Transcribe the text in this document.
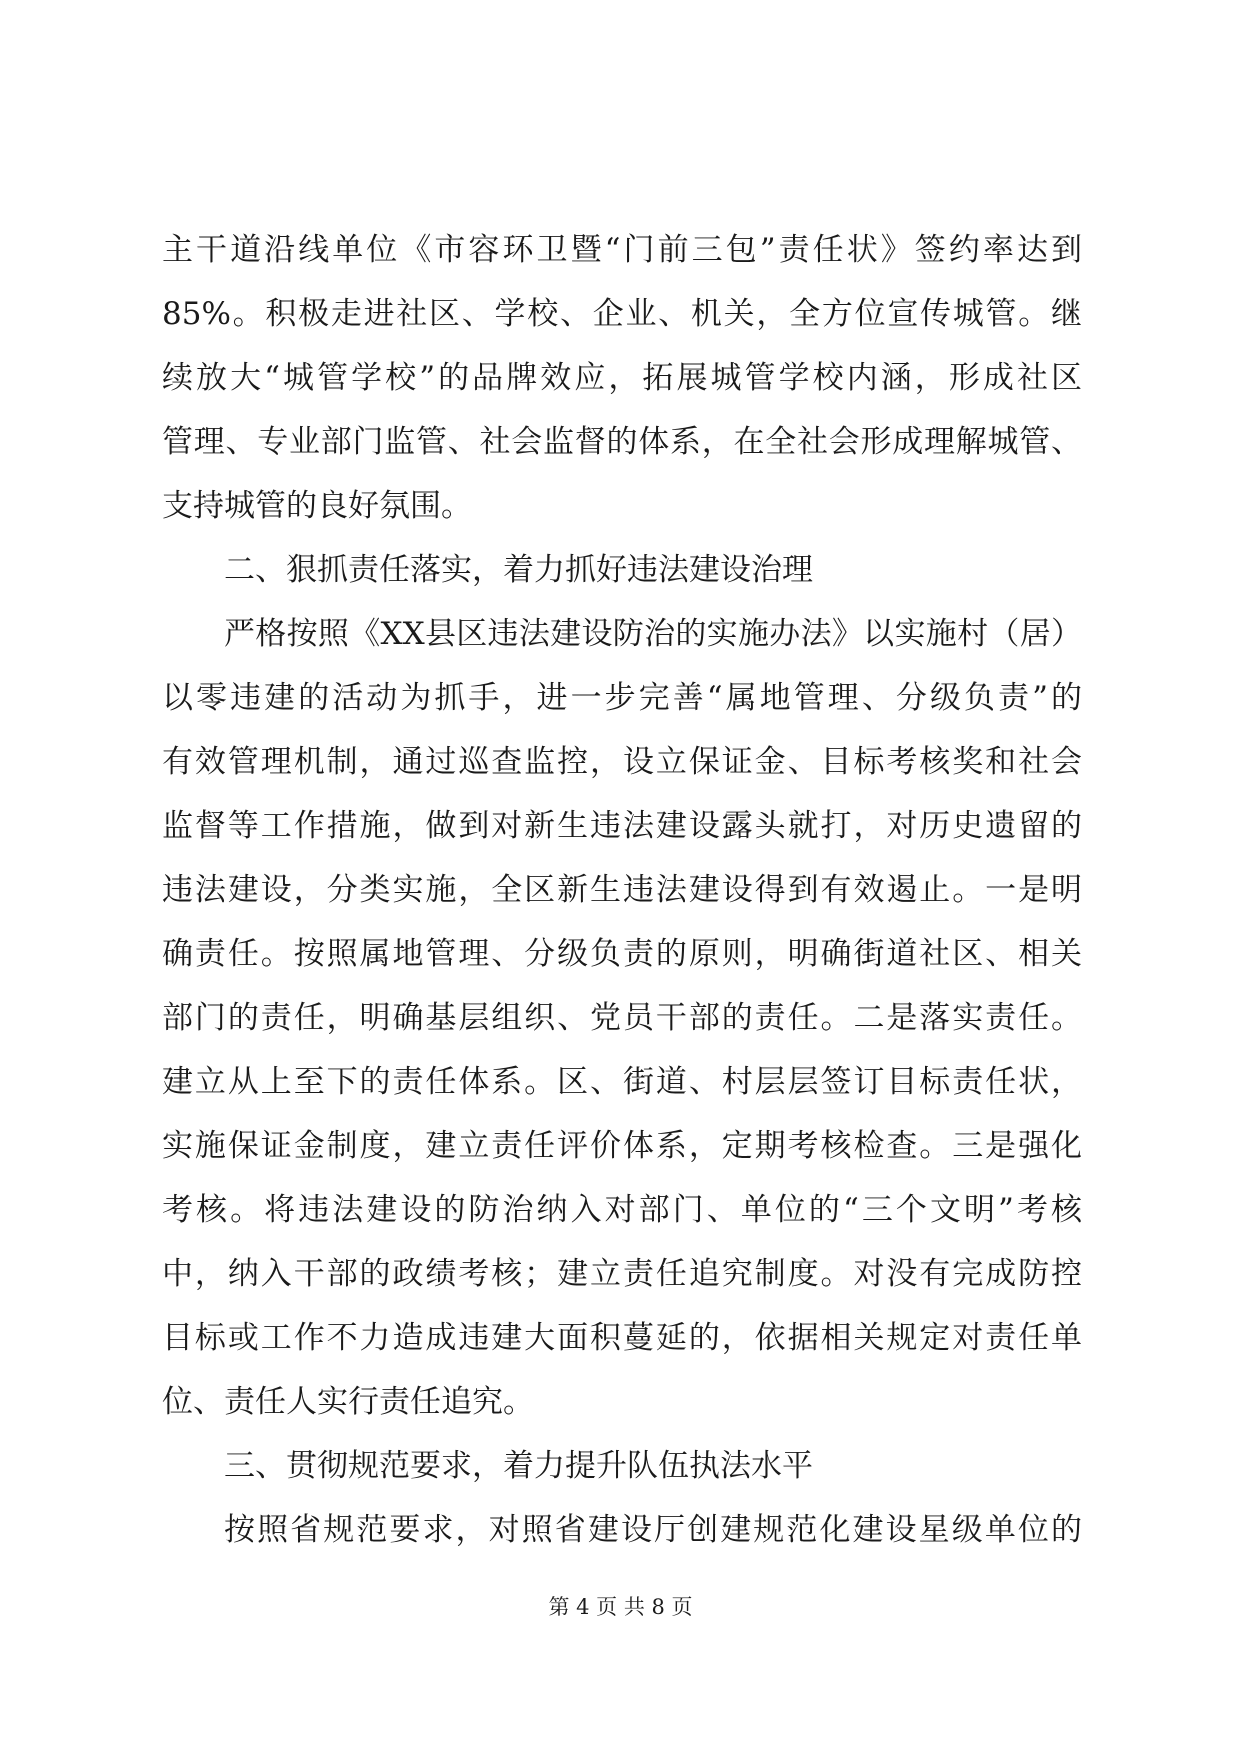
主干道沿线单位《市容环卫暨“门前三包”责任状》签约率达到
85%。积极走进社区、学校、企业、机关，全方位宣传城管。继
续放大“城管学校”的品牌效应，拓展城管学校内涵，形成社区
管理、专业部门监管、社会监督的体系，在全社会形成理解城管、
支持城管的良好氛围。
二、狠抓责任落实，着力抓好违法建设治理
严格按照《XX县区违法建设防治的实施办法》以实施村（居）
以零违建的活动为抓手，进一步完善“属地管理、分级负责”的
有效管理机制，通过巡查监控，设立保证金、目标考核奖和社会
监督等工作措施，做到对新生违法建设露头就打，对历史遗留的
违法建设，分类实施，全区新生违法建设得到有效遏止。一是明
确责任。按照属地管理、分级负责的原则，明确街道社区、相关
部门的责任，明确基层组织、党员干部的责任。二是落实责任。
建立从上至下的责任体系。区、街道、村层层签订目标责任状，
实施保证金制度，建立责任评价体系，定期考核检查。三是强化
考核。将违法建设的防治纳入对部门、单位的“三个文明”考核
中，纳入干部的政绩考核；建立责任追究制度。对没有完成防控
目标或工作不力造成违建大面积蔓延的，依据相关规定对责任单
位、责任人实行责任追究。
三、贯彻规范要求，着力提升队伍执法水平
按照省规范要求，对照省建设厅创建规范化建设星级单位的
第 4 页 共 8 页
